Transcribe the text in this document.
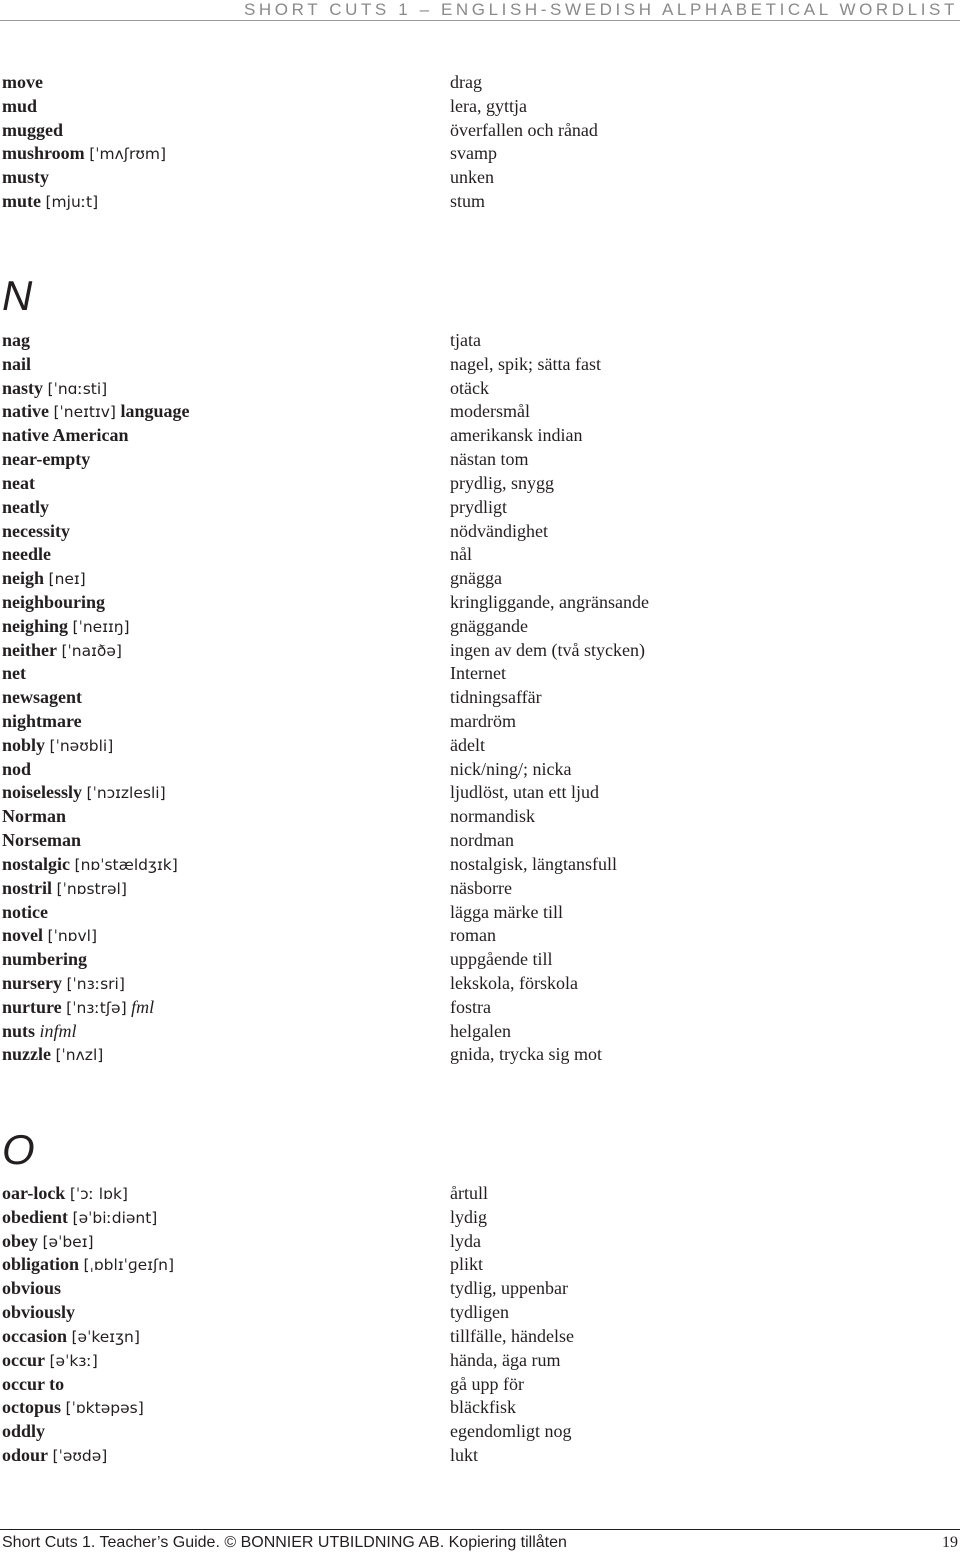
SHORT CUTS 1 – ENGLISH-SWEDISH ALPHABETICAL WORDLIST
move	drag
mud	lera, gyttja
mugged	överfallen och rånad
mushroom [ˈmʌʃrʊm]	svamp
musty	unken
mute [mjuːt]	stum
N
nag	tjata
nail	nagel, spik; sätta fast
nasty [ˈnɑːsti]	otäck
native [ˈneɪtɪv] language	modersmål
native American	amerikansk indian
near-empty	nästan tom
neat	prydlig, snygg
neatly	prydligt
necessity	nödvändighet
needle	nål
neigh [neɪ]	gnägga
neighbouring	kringliggande, angränsande
neighing [ˈneɪɪŋ]	gnäggande
neither [ˈnaɪðə]	ingen av dem (två stycken)
net	Internet
newsagent	tidningsaffär
nightmare	mardröm
nobly [ˈnəʊbli]	ädelt
nod	nick/ning/; nicka
noiselessly [ˈnɔɪzlesli]	ljudlöst, utan ett ljud
Norman	normandisk
Norseman	nordman
nostalgic [nɒˈstældʒɪk]	nostalgisk, längtansfull
nostril [ˈnɒstrəl]	näsborre
notice	lägga märke till
novel [ˈnɒvl]	roman
numbering	uppgående till
nursery [ˈnɜːsri]	lekskola, förskola
nurture [ˈnɜːtʃə] fml	fostra
nuts infml	helgalen
nuzzle [ˈnʌzl]	gnida, trycka sig mot
O
oar-lock [ˈɔː lɒk]	årtull
obedient [əˈbiːdiənt]	lydig
obey [əˈbeɪ]	lyda
obligation [ˌɒblɪˈɡeɪʃn]	plikt
obvious	tydlig, uppenbar
obviously	tydligen
occasion [əˈkeɪʒn]	tillfälle, händelse
occur [əˈkɜː]	hända, äga rum
occur to	gå upp för
octopus [ˈɒktəpəs]	bläckfisk
oddly	egendomligt nog
odour [ˈəʊdə]	lukt
Short Cuts 1. Teacher’s Guide. © BONNIER UTBILDNING AB. Kopiering tillåten	19
